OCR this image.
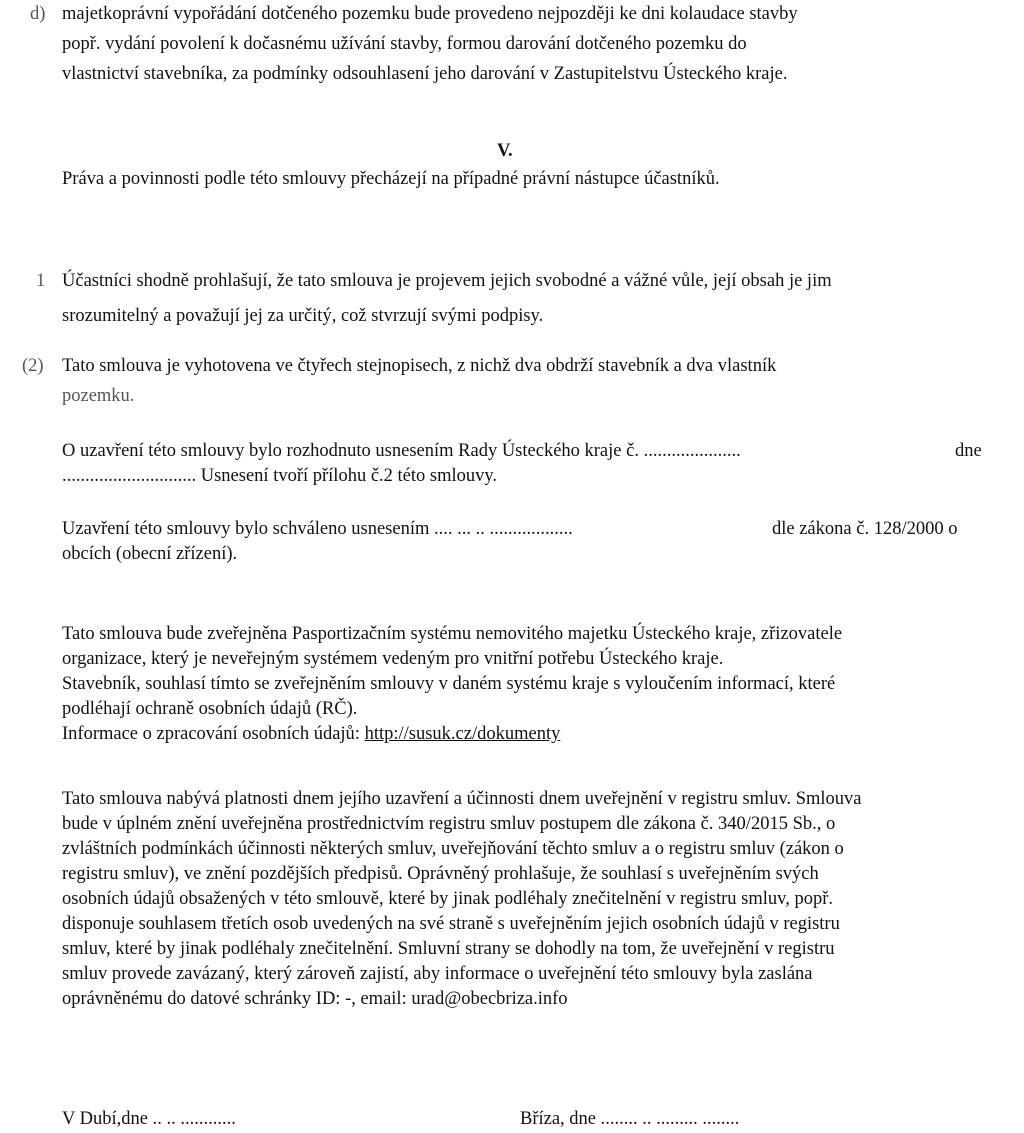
d) majetkoprávní vypořádání dotčeného pozemku bude provedeno nejpozději ke dni kolaudace stavby
popř. vydání povolení k dočasnému užívání stavby, formou darování dotčeného pozemku do
vlastnictví stavebníka, za podmínky odsouhlasení jeho darování v Zastupitelstvu Ústeckého kraje.
V.
Práva a povinnosti podle této smlouvy přecházejí na případné právní nástupce účastníků.
1 Účastníci shodně prohlašují, že tato smlouva je projevem jejich svobodné a vážné vůle, její obsah je jim
srozumitelný a považují jej za určitý, což stvrzují svými podpisy.
(2) Tato smlouva je vyhotovena ve čtyřech stejnopisech, z nichž dva obdrží stavebník a dva vlastník
pozemku.
O uzavření této smlouvy bylo rozhodnuto usnesením Rady Ústeckého kraje č. .....................	dne
............................. Usnesení tvoří přílohu č.2 této smlouvy.
Uzavření této smlouvy bylo schváleno usnesením .... ... .. ..................	dle zákona č. 128/2000 o
obcích (obecní zřízení).
Tato smlouva bude zveřejněna Pasportizačním systému nemovitého majetku Ústeckého kraje, zřizovatele
organizace, který je neveřejným systémem vedeným pro vnitřní potřebu Ústeckého kraje.
Stavebník, souhlasí tímto se zveřejněním smlouvy v daném systému kraje s vyloučením informací, které
podléhají ochraně osobních údajů (RČ).
Informace o zpracování osobních údajů: http://susuk.cz/dokumenty
Tato smlouva nabývá platnosti dnem jejího uzavření a účinnosti dnem uveřejnění v registru smluv. Smlouva
bude v úplném znění uveřejněna prostřednictvím registru smluv postupem dle zákona č. 340/2015 Sb., o
zvláštních podmínkách účinnosti některých smluv, uveřejňování těchto smluv a o registru smluv (zákon o
registru smluv), ve znění pozdějších předpisů. Oprávněný prohlašuje, že souhlasí s uveřejněním svých
osobních údajů obsažených v této smlouvě, které by jinak podléhaly znečitelnění v registru smluv, popř.
disponuje souhlasem třetích osob uvedených na své straně s uveřejněním jejich osobních údajů v registru
smluv, které by jinak podléhaly znečitelnění. Smluvní strany se dohodly na tom, že uveřejnění v registru
smluv provede zavázaný, který zároveň zajistí, aby informace o uveřejnění této smlouvy byla zaslána
oprávněnému do datové schránky ID: -, email: urad@obecbriza.info
V Dubí,dne .. .. ............	Bříza, dne ........ .. ......... ........
